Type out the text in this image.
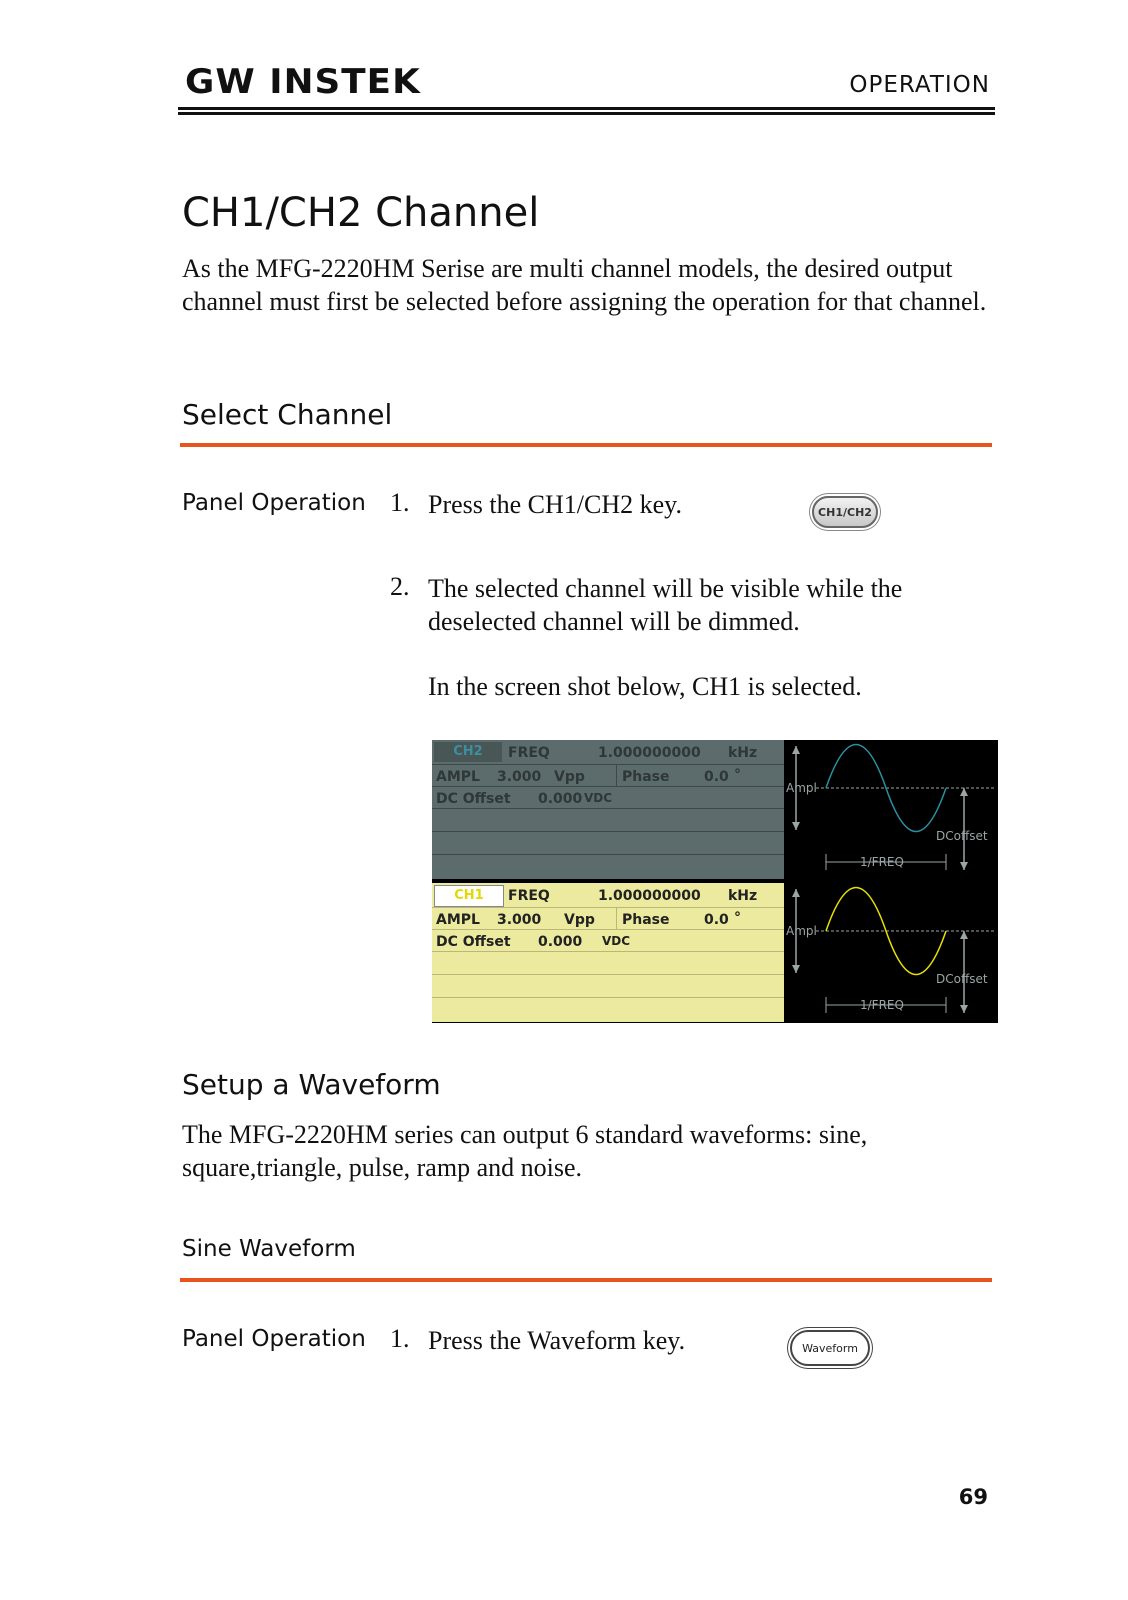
GW INSTEK	OPERATION
CH1/CH2 Channel
As the MFG-2220HM Serise are multi channel models, the desired output channel must first be selected before assigning the operation for that channel.
Select Channel
Panel Operation 1. Press the CH1/CH2 key.	CH1/CH2
2. The selected channel will be visible while the deselected channel will be dimmed.
In the screen shot below, CH1 is selected.
CH2	FREQ	1.000000000 kHz
AMPL 3.000 Vpp	Phase 0.0 °
DC Offset 0.000 VDC
Ampl
DCoffset
1/FREQ
CH1	FREQ	1.000000000 kHz
AMPL 3.000 Vpp Phase 0.0 °
DC Offset 0.000 VDC
Ampl
DCoffset
1/FREQ
Setup a Waveform
The MFG-2220HM series can output 6 standard waveforms: sine, square,triangle, pulse, ramp and noise.
Sine Waveform
Panel Operation 1. Press the Waveform key.	Waveform
69
